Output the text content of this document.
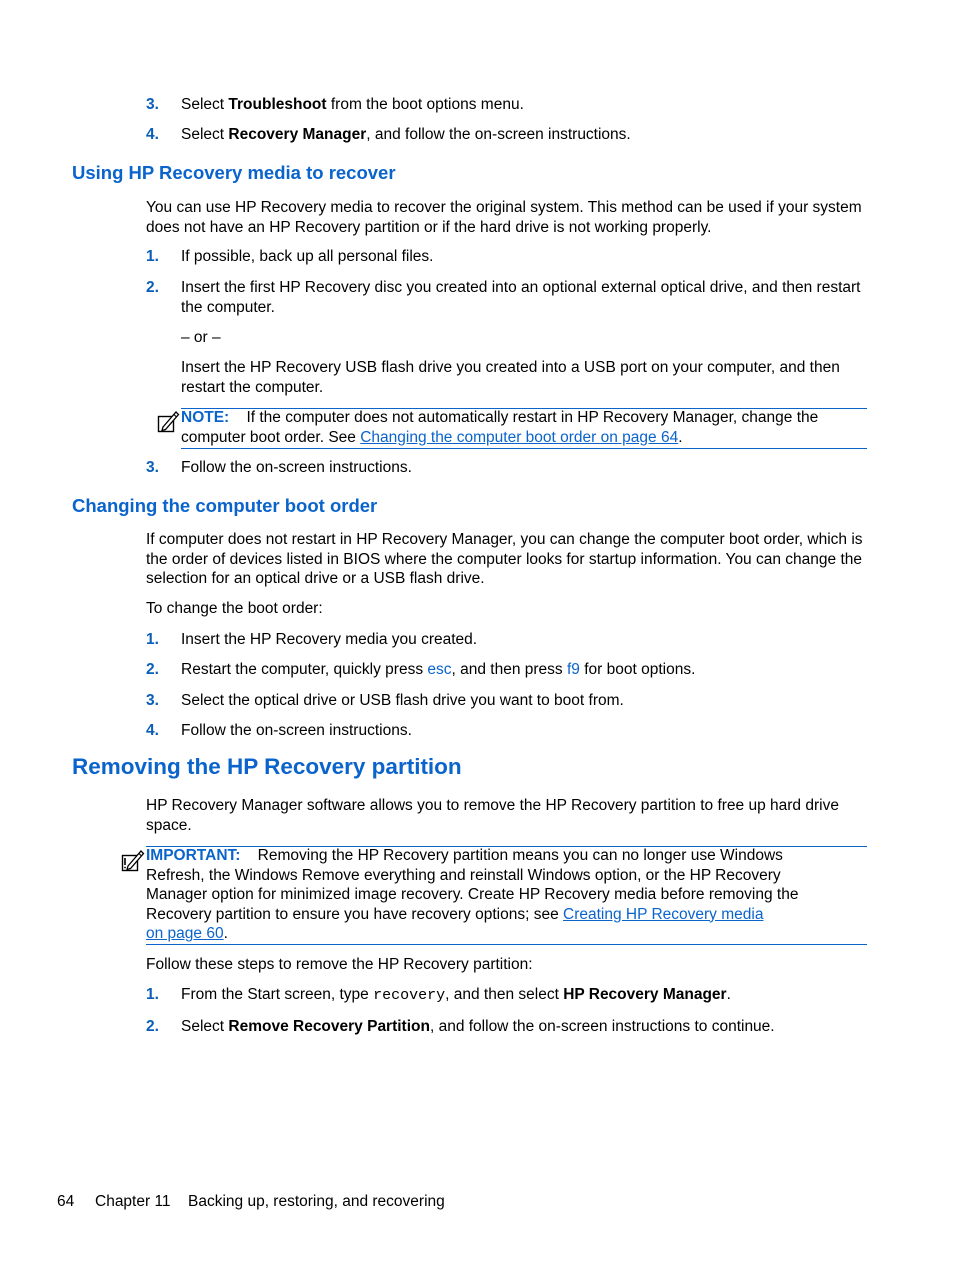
3.	Select Troubleshoot from the boot options menu.
4.	Select Recovery Manager, and follow the on-screen instructions.
Using HP Recovery media to recover
You can use HP Recovery media to recover the original system. This method can be used if your system does not have an HP Recovery partition or if the hard drive is not working properly.
1.	If possible, back up all personal files.
2.	Insert the first HP Recovery disc you created into an optional external optical drive, and then restart the computer.
– or –
Insert the HP Recovery USB flash drive you created into a USB port on your computer, and then restart the computer.
NOTE: If the computer does not automatically restart in HP Recovery Manager, change the computer boot order. See Changing the computer boot order on page 64.
3.	Follow the on-screen instructions.
Changing the computer boot order
If computer does not restart in HP Recovery Manager, you can change the computer boot order, which is the order of devices listed in BIOS where the computer looks for startup information. You can change the selection for an optical drive or a USB flash drive.
To change the boot order:
1.	Insert the HP Recovery media you created.
2.	Restart the computer, quickly press esc, and then press f9 for boot options.
3.	Select the optical drive or USB flash drive you want to boot from.
4.	Follow the on-screen instructions.
Removing the HP Recovery partition
HP Recovery Manager software allows you to remove the HP Recovery partition to free up hard drive space.
IMPORTANT: Removing the HP Recovery partition means you can no longer use Windows Refresh, the Windows Remove everything and reinstall Windows option, or the HP Recovery Manager option for minimized image recovery. Create HP Recovery media before removing the Recovery partition to ensure you have recovery options; see Creating HP Recovery media
on page 60.
Follow these steps to remove the HP Recovery partition:
1.	From the Start screen, type recovery, and then select HP Recovery Manager.
2.	Select Remove Recovery Partition, and follow the on-screen instructions to continue.
64 Chapter 11 Backing up, restoring, and recovering
